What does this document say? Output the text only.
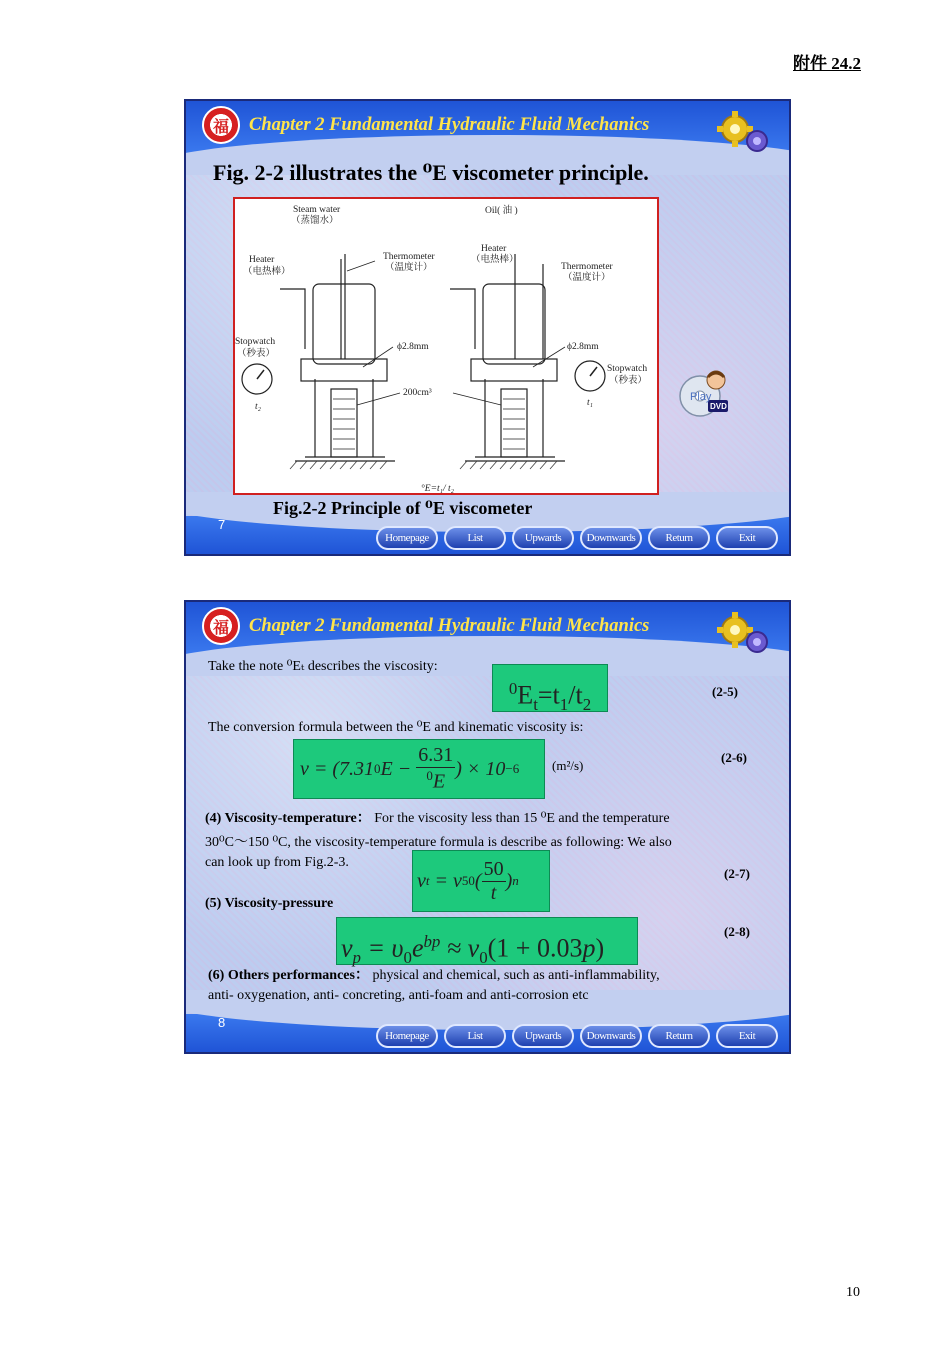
附件 24.2
福	Chapter 2 Fundamental Hydraulic Fluid Mechanics
Fig. 2-2 illustrates the ⁰E viscometer principle.
Steam water
（蒸馏水）
Oil( 油 )
Heater
（电热棒）
Thermometer
（温度计）
Heater
（电热棒）
Thermometer
（温度计）
Stopwatch
（秒表）
Stopwatch
（秒表）
ϕ2.8mm	ϕ2.8mm
200cm³
t₂	t₁
°E=t₁/ t₂
Fig.2-2 Principle of ⁰E viscometer
Play
DVD
7
Homepage	List	Upwards	Downwards	Return	Exit
福	Chapter 2 Fundamental Hydraulic Fluid Mechanics
Take the note ⁰Eₜ describes the viscosity:
$^0E_t=t_1/t_2$
(2-5)
The conversion formula between the ⁰E and kinematic viscosity is:
ν = (7.31 0 $E - \frac{6.31}{^0E}$ ) × 10 −6	(m²/s)
(2-6)
(4) Viscosity-temperature： For the viscosity less than 15 ⁰E and the temperature
30⁰C～150 ⁰C, the viscosity-temperature formula is describe as following: We also
can look up from Fig.2-3.
ν t = ν 50 ( $\frac{50}{t}$ ) n	(2-7)
(5) Viscosity-pressure
$\nu_p = \upsilon_0e^{bp} \approx \nu_0(1 + 0.03p)$
(2-8)
(6) Others performances： physical and chemical, such as anti-inflammability,
anti- oxygenation, anti- concreting, anti-foam and anti-corrosion etc
8
Homepage	List	Upwards	Downwards	Return	Exit
10
